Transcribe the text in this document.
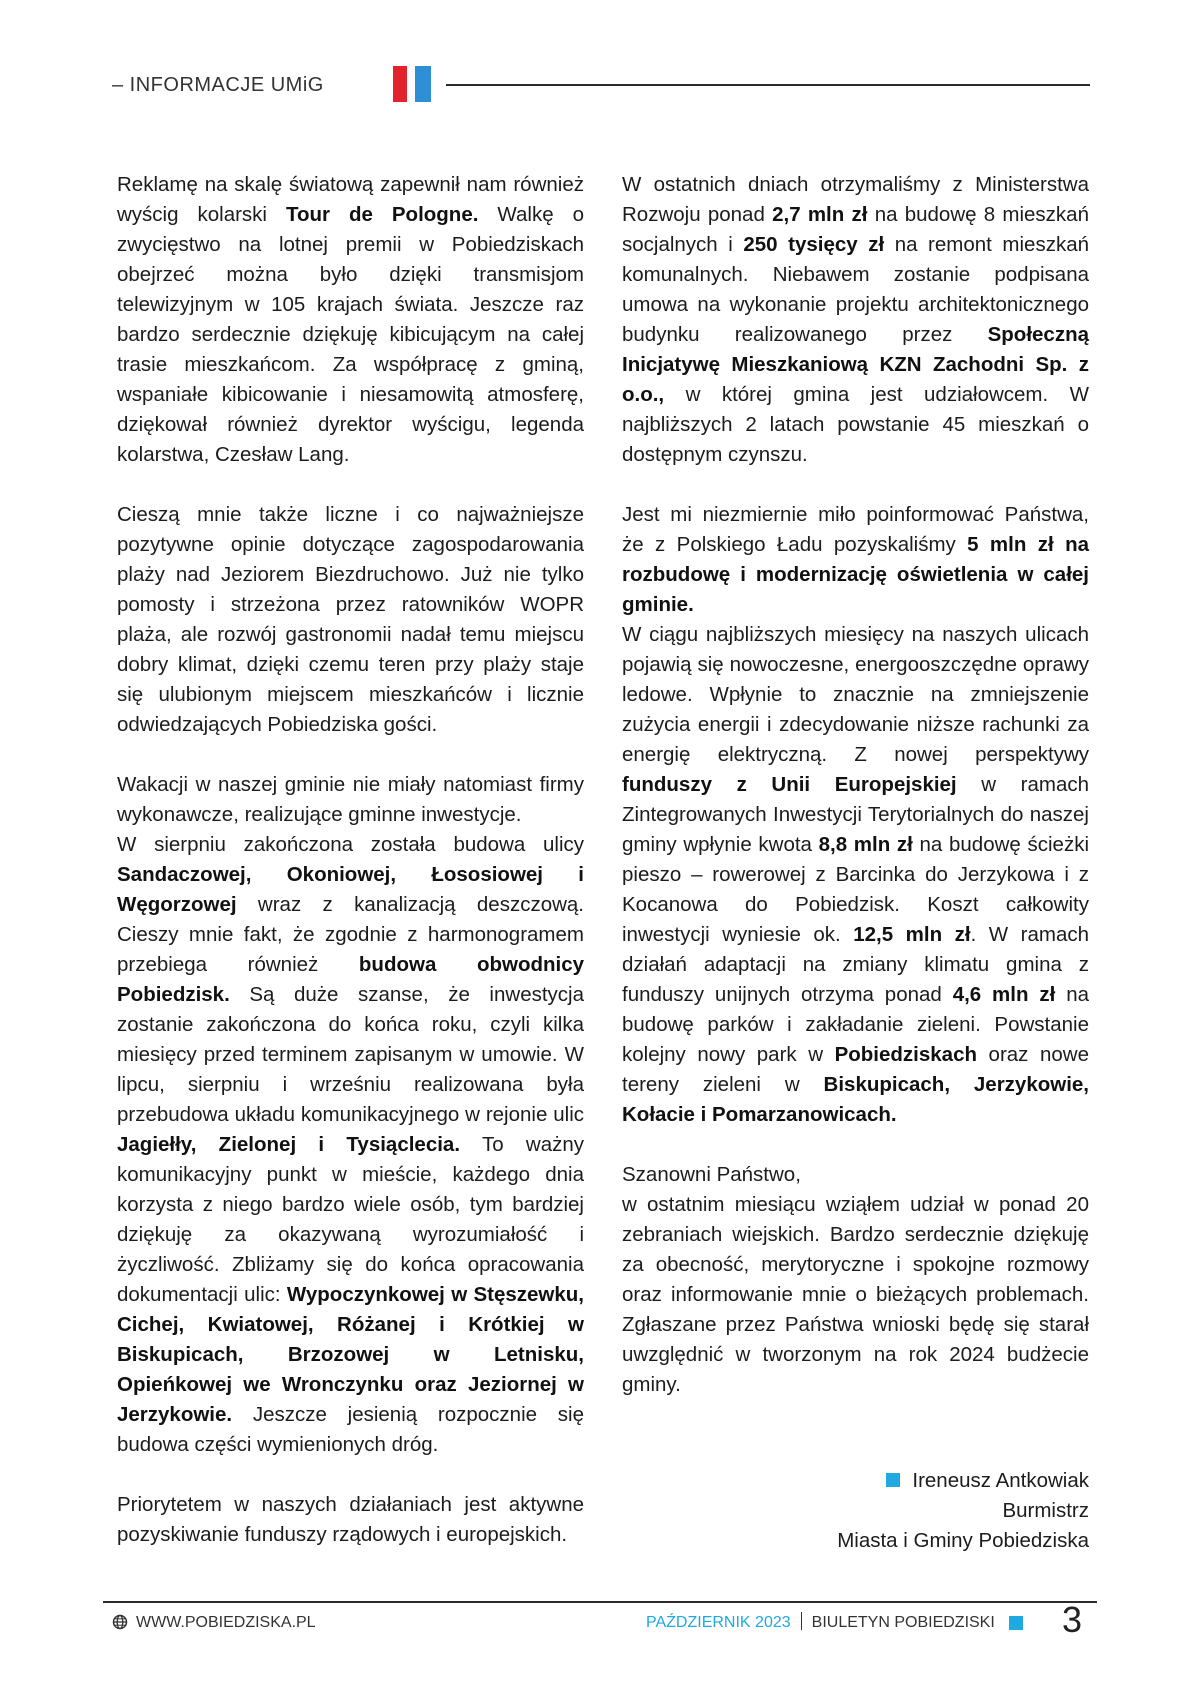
– INFORMACJE UMiG

Reklamę na skalę światową zapewnił nam również wyścig kolarski Tour de Pologne. Walkę o zwycięstwo na lotnej premii w Pobiedziskach obejrzeć można było dzięki transmisjom telewizyjnym w 105 krajach świata. Jeszcze raz bardzo serdecznie dziękuję kibicującym na całej trasie mieszkańcom. Za współpracę z gminą, wspaniałe kibicowanie i niesamowitą atmosferę, dziękował również dyrektor wyścigu, legenda kolarstwa, Czesław Lang.

Cieszą mnie także liczne i co najważniejsze pozytywne opinie dotyczące zagospodarowania plaży nad Jeziorem Biezdruchowo. Już nie tylko pomosty i strzeżona przez ratowników WOPR plaża, ale rozwój gastronomii nadał temu miejscu dobry klimat, dzięki czemu teren przy plaży staje się ulubionym miejscem mieszkańców i licznie odwiedzających Pobiedziska gości.

Wakacji w naszej gminie nie miały natomiast firmy wykonawcze, realizujące gminne inwestycje.

W sierpniu zakończona została budowa ulicy Sandaczowej, Okoniowej, Łososiowej i Węgorzowej wraz z kanalizacją deszczową. Cieszy mnie fakt, że zgodnie z harmonogramem przebiega również budowa obwodnicy Pobiedzisk. Są duże szanse, że inwestycja zostanie zakończona do końca roku, czyli kilka miesięcy przed terminem zapisanym w umowie. W lipcu, sierpniu i wrześniu realizowana była przebudowa układu komunikacyjnego w rejonie ulic Jagiełły, Zielonej i Tysiąclecia. To ważny komunikacyjny punkt w mieście, każdego dnia korzysta z niego bardzo wiele osób, tym bardziej dziękuję za okazywaną wyrozumiałość i życzliwość. Zbliżamy się do końca opracowania dokumentacji ulic: Wypoczynkowej w Stęszewku, Cichej, Kwiatowej, Różanej i Krótkiej w Biskupicach, Brzozowej w Letnisku, Opieńkowej we Wronczynku oraz Jeziornej w Jerzykowie. Jeszcze jesienią rozpocznie się budowa części wymienionych dróg.

Priorytetem w naszych działaniach jest aktywne pozyskiwanie funduszy rządowych i europejskich.

W ostatnich dniach otrzymaliśmy z Ministerstwa Rozwoju ponad 2,7 mln zł na budowę 8 mieszkań socjalnych i 250 tysięcy zł na remont mieszkań komunalnych. Niebawem zostanie podpisana umowa na wykonanie projektu architektonicznego budynku realizowanego przez Społeczną Inicjatywę Mieszkaniową KZN Zachodni Sp. z o.o., w której gmina jest udziałowcem. W najbliższych 2 latach powstanie 45 mieszkań o dostępnym czynszu.

Jest mi niezmiernie miło poinformować Państwa, że z Polskiego Ładu pozyskaliśmy 5 mln zł na rozbudowę i modernizację oświetlenia w całej gminie.

W ciągu najbliższych miesięcy na naszych ulicach pojawią się nowoczesne, energooszczędne oprawy ledowe. Wpłynie to znacznie na zmniejszenie zużycia energii i zdecydowanie niższe rachunki za energię elektryczną. Z nowej perspektywy funduszy z Unii Europejskiej w ramach Zintegrowanych Inwestycji Terytorialnych do naszej gminy wpłynie kwota 8,8 mln zł na budowę ścieżki pieszo – rowerowej z Barcinka do Jerzykowa i z Kocanowa do Pobiedzisk. Koszt całkowity inwestycji wyniesie ok. 12,5 mln zł. W ramach działań adaptacji na zmiany klimatu gmina z funduszy unijnych otrzyma ponad 4,6 mln zł na budowę parków i zakładanie zieleni. Powstanie kolejny nowy park w Pobiedziskach oraz nowe tereny zieleni w Biskupicach, Jerzykowie, Kołacie i Pomarzanowicach.

Szanowni Państwo,

w ostatnim miesiącu wziąłem udział w ponad 20 zebraniach wiejskich. Bardzo serdecznie dziękuję za obecność, merytoryczne i spokojne rozmowy oraz informowanie mnie o bieżących problemach. Zgłaszane przez Państwa wnioski będę się starał uwzględnić w tworzonym na rok 2024 budżecie gminy.

Ireneusz Antkowiak
Burmistrz
Miasta i Gminy Pobiedziska
WWW.POBIEDZISKA.PL	PAŹDZIERNIK 2023 BIULETYN POBIEDZISKI 3
